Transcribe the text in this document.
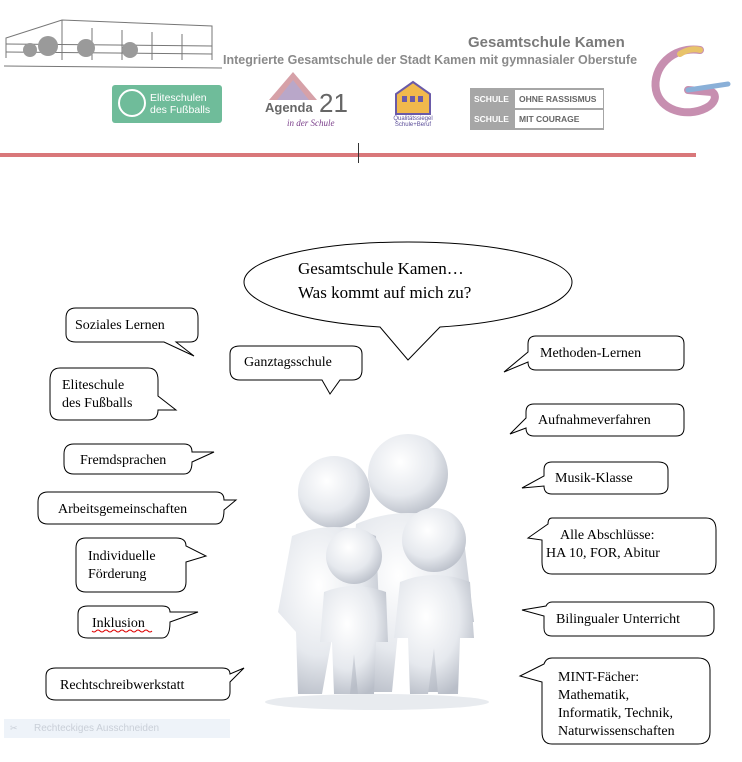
Gesamtschule Kamen
Integrierte Gesamtschule der Stadt Kamen mit gymnasialer Oberstufe
Eliteschulen des Fußballs	Agenda 21
in der Schule	Qualitätssiegel Schule+Beruf
SCHULE	OHNE RASSISMUS
SCHULE	MIT COURAGE
Gesamtschule Kamen…
Was kommt auf mich zu?
Soziales Lernen
Eliteschule
des Fußballs
Fremdsprachen
Arbeitsgemeinschaften
Individuelle
Förderung
Inklusion
Rechtschreibwerkstatt
Ganztagsschule
Methoden-Lernen
Aufnahmeverfahren
Musik-Klasse
Alle Abschlüsse:
HA 10, FOR, Abitur
Bilingualer Unterricht
MINT-Fächer:
Mathematik,
Informatik, Technik,
Naturwissenschaften
✂ Rechteckiges Ausschneiden
